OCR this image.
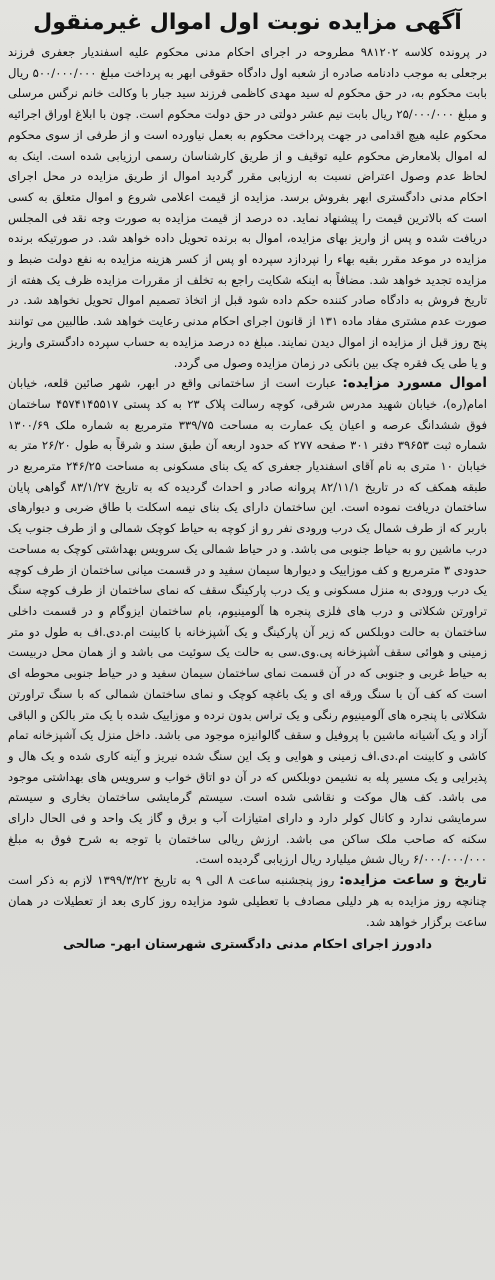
آگهی مزایده نوبت اول اموال غیرمنقول

در پرونده کلاسه ۹۸۱۲۰۲ مطروحه در اجرای احکام مدنی محکوم علیه اسفندیار جعفری فرزند برجعلی به موجب دادنامه صادره از شعبه اول دادگاه حقوقی ابهر به پرداخت مبلغ ۵۰۰/۰۰۰/۰۰۰ ریال بابت محکوم به، در حق محکوم له سید مهدی کاظمی فرزند سید جبار با وکالت خانم نرگس مرسلی و مبلغ ۲۵/۰۰۰/۰۰۰ ریال بابت نیم عشر دولتی در حق دولت محکوم است. چون با ابلاغ اوراق اجرائیه محکوم علیه هیچ اقدامی در جهت پرداخت محکوم به بعمل نیاورده است و از طرفی از سوی محکوم له اموال بلامعارض محکوم علیه توقیف و از طریق کارشناسان رسمی ارزیابی شده است. اینک به لحاظ عدم وصول اعتراض نسبت به ارزیابی مقرر گردید اموال از طریق مزایده در محل اجرای احکام مدنی دادگستری ابهر بفروش برسد. مزایده از قیمت اعلامی شروع و اموال متعلق به کسی است که بالاترین قیمت را پیشنهاد نماید. ده درصد از قیمت مزایده به صورت وجه نقد فی المجلس دریافت شده و پس از واریز بهای مزایده، اموال به برنده تحویل داده خواهد شد. در صورتیکه برنده مزایده در موعد مقرر بقیه بهاء را نپردازد سپرده او پس از کسر هزینه مزایده به نفع دولت ضبط و مزایده تجدید خواهد شد. مضافاً به اینکه شکایت راجع به تخلف از مقررات مزایده ظرف یک هفته از تاریخ فروش به دادگاه صادر کننده حکم داده شود قبل از اتخاذ تصمیم اموال تحویل نخواهد شد. در صورت عدم مشتری مفاد ماده ۱۳۱ از قانون اجرای احکام مدنی رعایت خواهد شد. طالبین می توانند پنج روز قبل از مزایده از اموال دیدن نمایند. مبلغ ده درصد مزایده به حساب سپرده دادگستری واریز و یا طی یک فقره چک بین بانکی در زمان مزایده وصول می گردد.

اموال مسورد مزایده: عبارت است از ساختمانی واقع در ابهر، شهر صائین قلعه، خیابان امام(ره)، خیابان شهید مدرس شرقی، کوچه رسالت پلاک ۲۳ به کد پستی ۴۵۷۴۱۴۵۵۱۷ ساختمان فوق ششدانگ عرصه و اعیان یک عمارت به مساحت ۳۳۹/۷۵ مترمربع به شماره ملک ۱۳۰۰/۶۹ شماره ثبت ۳۹۶۵۳ دفتر ۳۰۱ صفحه ۲۷۷ که حدود اربعه آن طبق سند و شرقاً به طول ۲۶/۲۰ متر به خیابان ۱۰ متری به نام آقای اسفندیار جعفری که یک بنای مسکونی به مساحت ۲۴۶/۲۵ مترمربع در طبقه همکف که در تاریخ ۸۲/۱۱/۱ پروانه صادر و احداث گردیده که به تاریخ ۸۳/۱/۲۷ گواهی پایان ساختمان دریافت نموده است. این ساختمان دارای یک بنای نیمه اسکلت با طاق ضربی و دیوارهای باربر که از طرف شمال یک درب ورودی نفر رو از کوچه به حیاط کوچک شمالی و از طرف جنوب یک درب ماشین رو به حیاط جنوبی می باشد. و در حیاط شمالی یک سرویس بهداشتی کوچک به مساحت حدودی ۳ مترمربع و کف موزاییک و دیوارها سیمان سفید و در قسمت میانی ساختمان از طرف کوچه یک درب ورودی به منزل مسکونی و یک درب پارکینگ سقف که نمای ساختمان از طرف کوچه سنگ تراورتن شکلاتی و درب های فلزی پنجره ها آلومینیوم، بام ساختمان ایزوگام و در قسمت داخلی ساختمان به حالت دوبلکس که زیر آن پارکینگ و یک آشپزخانه با کابینت ام.دی.اف به طول دو متر زمینی و هوائی سقف آشپزخانه پی.وی.سی به حالت یک سوئیت می باشد و از همان محل دربیست به حیاط غربی و جنوبی که در آن قسمت نمای ساختمان سیمان سفید و در حیاط جنوبی محوطه ای است که کف آن با سنگ ورقه ای و یک باغچه کوچک و نمای ساختمان شمالی که با سنگ تراورتن شکلاتی با پنجره های آلومینیوم رنگی و یک تراس بدون نرده و موزاییک شده با یک متر بالکن و الباقی آزاد و یک آشیانه ماشین با پروفیل و سقف گالوانیزه موجود می باشد. داخل منزل یک آشپزخانه تمام کاشی و کابینت ام.دی.اف زمینی و هوایی و یک این سنگ شده نیریز و آینه کاری شده و یک هال و پذیرایی و یک مسیر پله به نشیمن دوبلکس که در آن دو اتاق خواب و سرویس های بهداشتی موجود می باشد. کف هال موکت و نقاشی شده است. سیستم گرمایشی ساختمان بخاری و سیستم سرمایشی ندارد و کانال کولر دارد و دارای امتیازات آب و برق و گاز یک واحد و فی الحال دارای سکنه که صاحب ملک ساکن می باشد. ارزش ریالی ساختمان با توجه به شرح فوق به مبلغ ۶/۰۰۰/۰۰۰/۰۰۰ ریال شش میلیارد ریال ارزیابی گردیده است.

تاریخ و ساعت مزایده: روز پنجشنبه ساعت ۸ الی ۹ به تاریخ ۱۳۹۹/۳/۲۲ لازم به ذکر است چنانچه روز مزایده به هر دلیلی مصادف با تعطیلی شود مزایده روز کاری بعد از تعطیلات در همان ساعت برگزار خواهد شد.

دادورز اجرای احکام مدنی دادگستری شهرستان ابهر- صالحی
